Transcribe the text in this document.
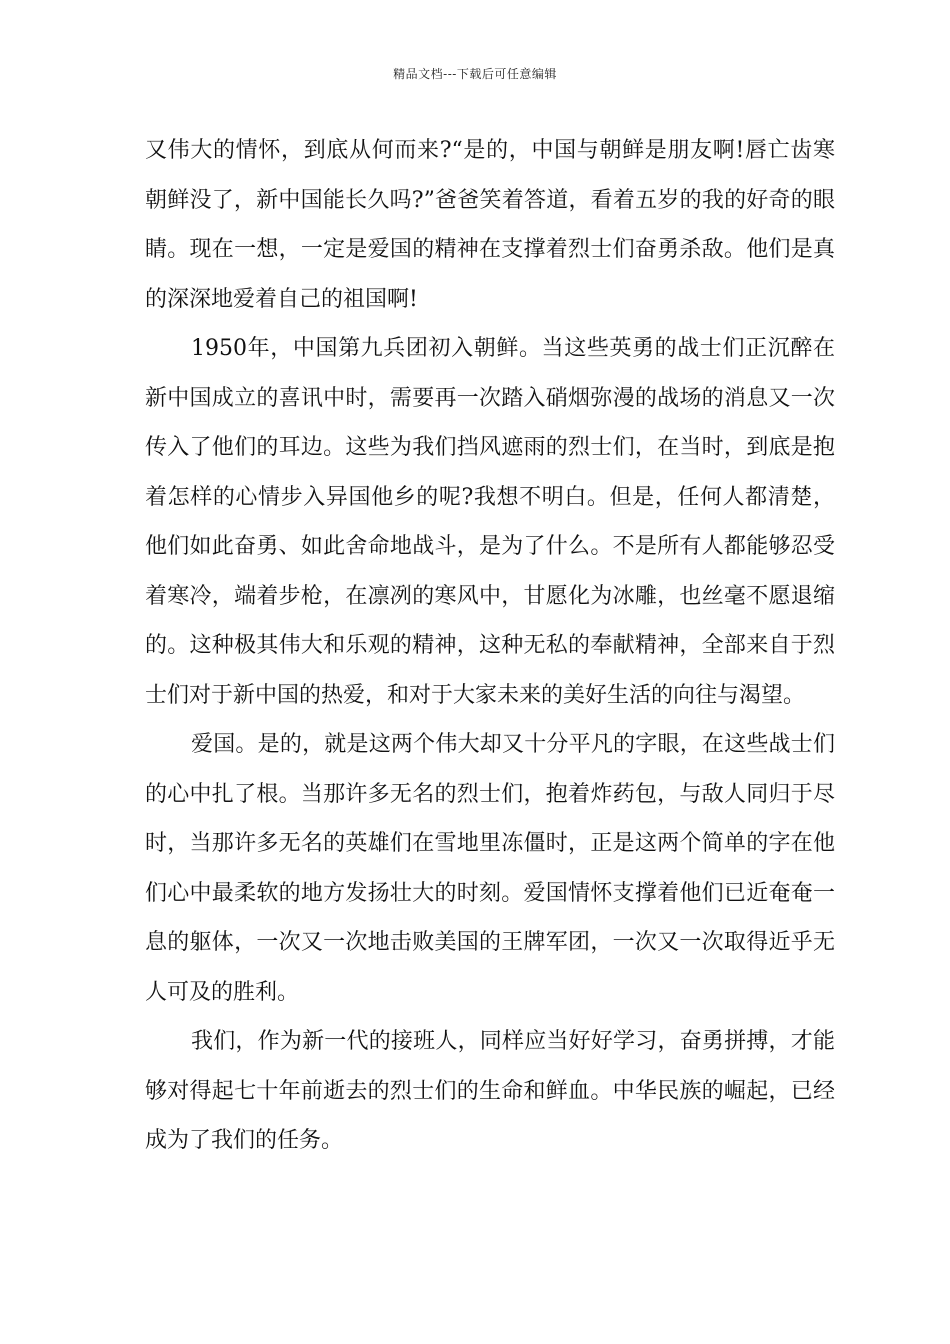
精品文档---下载后可任意编辑

又伟大的情怀，到底从何而来?“是的，中国与朝鲜是朋友啊!唇亡齿寒朝鲜没了，新中国能长久吗?”爸爸笑着答道，看着五岁的我的好奇的眼睛。现在一想，一定是爱国的精神在支撑着烈士们奋勇杀敌。他们是真的深深地爱着自己的祖国啊!

1950年，中国第九兵团初入朝鲜。当这些英勇的战士们正沉醉在新中国成立的喜讯中时，需要再一次踏入硝烟弥漫的战场的消息又一次传入了他们的耳边。这些为我们挡风遮雨的烈士们，在当时，到底是抱着怎样的心情步入异国他乡的呢?我想不明白。但是，任何人都清楚，他们如此奋勇、如此舍命地战斗，是为了什么。不是所有人都能够忍受着寒冷，端着步枪，在凛冽的寒风中，甘愿化为冰雕，也丝毫不愿退缩的。这种极其伟大和乐观的精神，这种无私的奉献精神，全部来自于烈士们对于新中国的热爱，和对于大家未来的美好生活的向往与渴望。

爱国。是的，就是这两个伟大却又十分平凡的字眼，在这些战士们的心中扎了根。当那许多无名的烈士们，抱着炸药包，与敌人同归于尽时，当那许多无名的英雄们在雪地里冻僵时，正是这两个简单的字在他们心中最柔软的地方发扬壮大的时刻。爱国情怀支撑着他们已近奄奄一息的躯体，一次又一次地击败美国的王牌军团，一次又一次取得近乎无人可及的胜利。

我们，作为新一代的接班人，同样应当好好学习，奋勇拼搏，才能够对得起七十年前逝去的烈士们的生命和鲜血。中华民族的崛起，已经成为了我们的任务。
